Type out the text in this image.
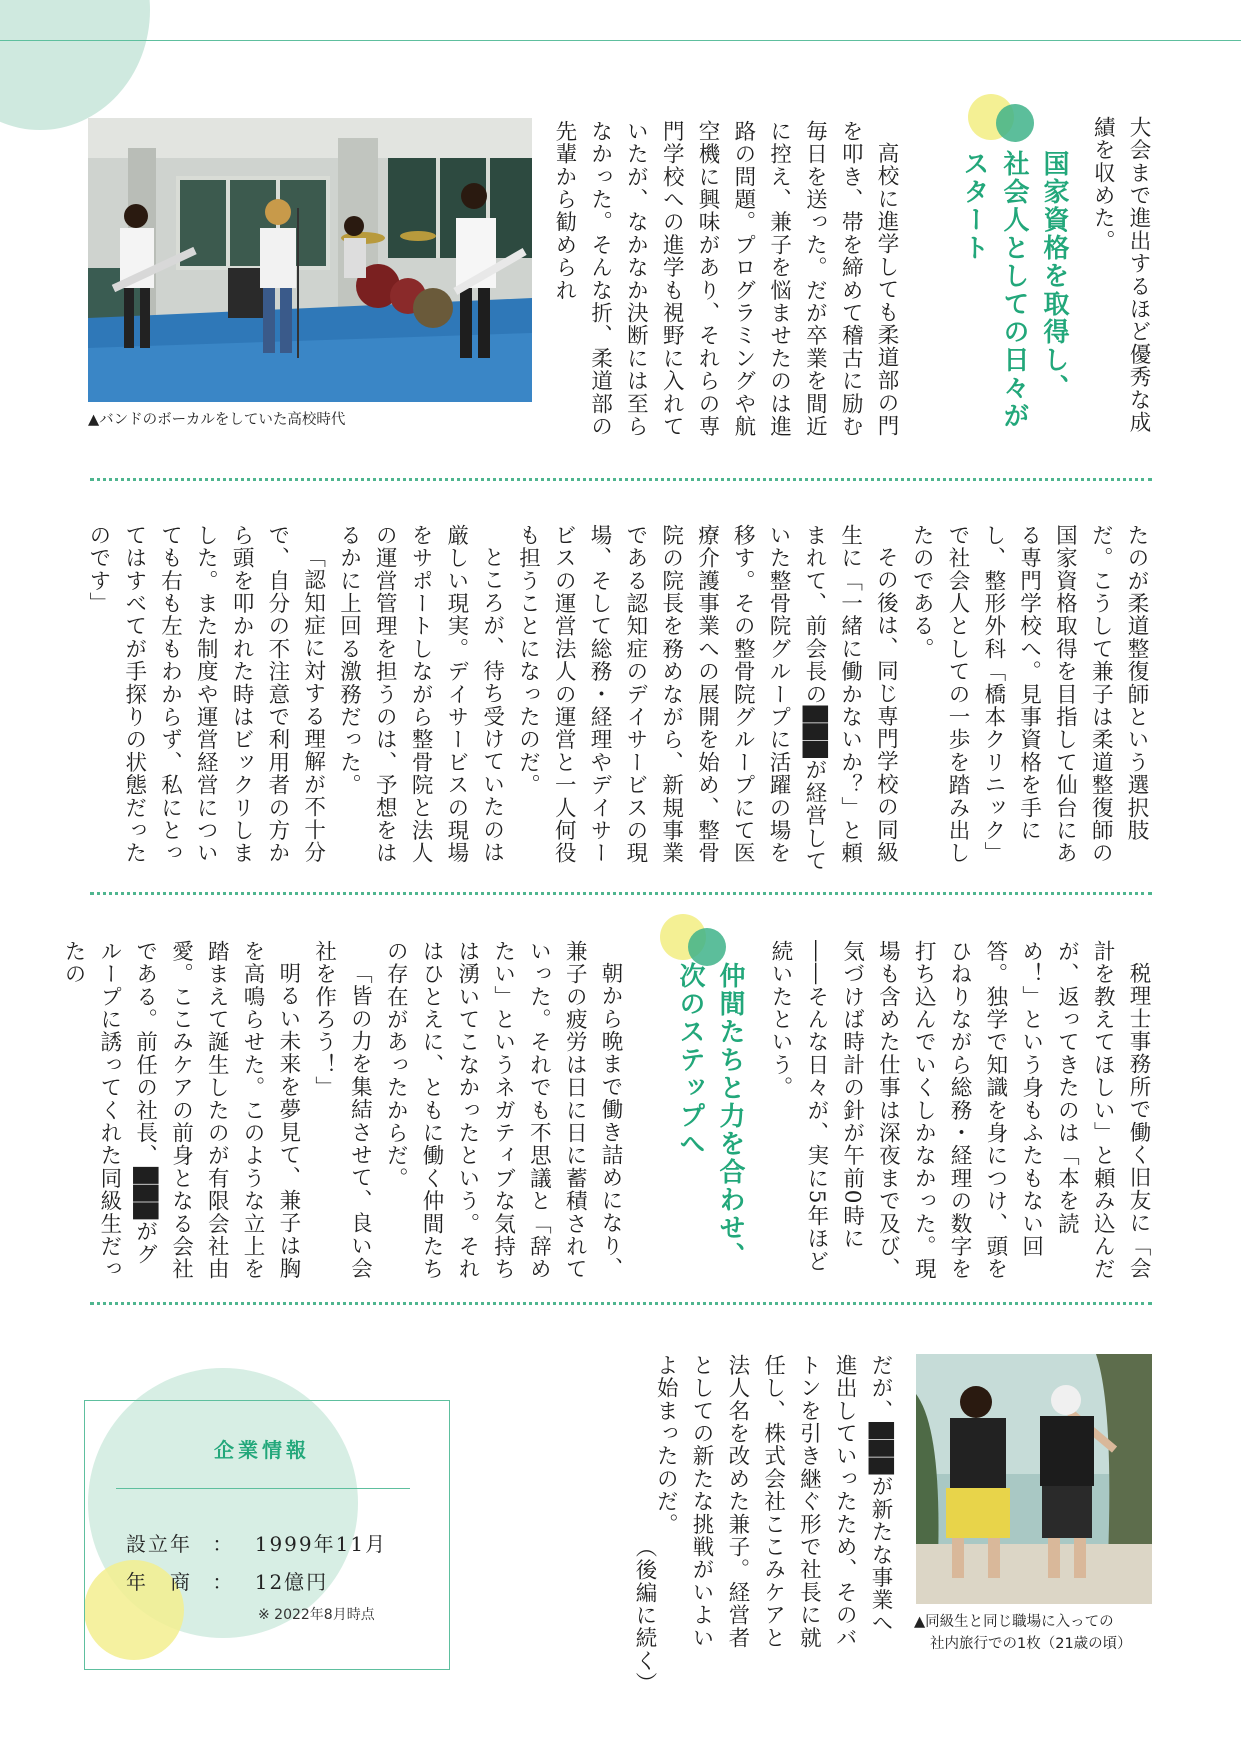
大会まで進出するほど優秀な成績を収めた。

国家資格を取得し、
社会人としての日々が
スタート

高校に進学しても柔道部の門を叩き、帯を締めて稽古に励む毎日を送った。だが卒業を間近に控え、兼子を悩ませたのは進路の問題。プログラミングや航空機に興味があり、それらの専門学校への進学も視野に入れていたが、なかなか決断には至らなかった。そんな折、柔道部の先輩から勧められ

▲バンドのボーカルをしていた高校時代

たのが柔道整復師という選択肢だ。こうして兼子は柔道整復師の国家資格取得を目指して仙台にある専門学校へ。見事資格を手にし、整形外科「橋本クリニック」で社会人としての一歩を踏み出したのである。

その後は、同じ専門学校の同級生に「一緒に働かないか？」と頼まれて、前会長の███が経営していた整骨院グループに活躍の場を移す。その整骨院グループにて医療介護事業への展開を始め、整骨院の院長を務めながら、新規事業である認知症のデイサービスの現場、そして総務・経理やデイサービスの運営法人の運営と一人何役も担うことになったのだ。

ところが、待ち受けていたのは厳しい現実。デイサービスの現場をサポートしながら整骨院と法人の運営管理を担うのは、予想をはるかに上回る激務だった。

「認知症に対する理解が不十分で、自分の不注意で利用者の方から頭を叩かれた時はビックリしました。また制度や運営経営についても右も左もわからず、私にとってはすべてが手探りの状態だったのです」

税理士事務所で働く旧友に「会計を教えてほしい」と頼み込んだが、返ってきたのは「本を読め！」という身もふたもない回答。独学で知識を身につけ、頭をひねりながら総務・経理の数字を打ち込んでいくしかなかった。現場も含めた仕事は深夜まで及び、気づけば時計の針が午前0時に――そんな日々が、実に5年ほど続いたという。

仲間たちと力を合わせ、
次のステップへ

朝から晩まで働き詰めになり、兼子の疲労は日に日に蓄積されていった。それでも不思議と「辞めたい」というネガティブな気持ちは湧いてこなかったという。それはひとえに、ともに働く仲間たちの存在があったからだ。

「皆の力を集結させて、良い会社を作ろう！」

明るい未来を夢見て、兼子は胸を高鳴らせた。このような立上を踏まえて誕生したのが有限会社由愛。ここみケアの前身となる会社である。前任の社長、███がグループに誘ってくれた同級生だったの

▲同級生と同じ職場に入っての
社内旅行での1枚（21歳の頃）

だが、███が新たな事業へ進出していったため、そのバトンを引き継ぐ形で社長に就任し、株式会社ここみケアと法人名を改めた兼子。経営者としての新たな挑戦がいよいよ始まったのだ。

（後編に続く）
企業情報
設立年 ： 1999年11月
年　商 ： 12億円
※ 2022年8月時点
